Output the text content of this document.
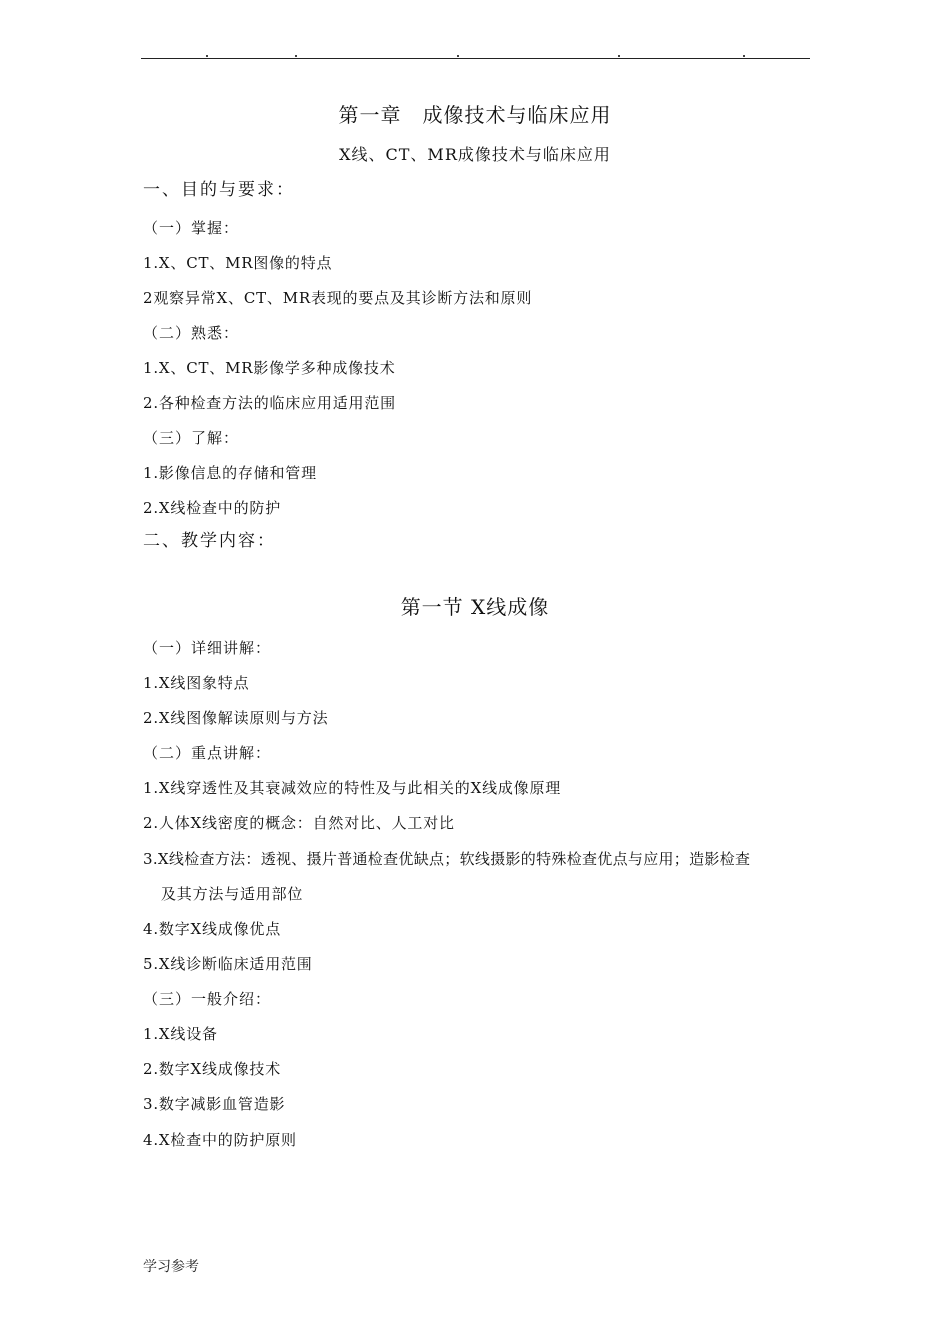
第一章　成像技术与临床应用
X线、CT、MR成像技术与临床应用
一、目的与要求：
（一）掌握：
1.X、CT、MR图像的特点
2观察异常X、CT、MR表现的要点及其诊断方法和原则
（二）熟悉：
1.X、CT、MR影像学多种成像技术
2.各种检查方法的临床应用适用范围
（三）了解：
1.影像信息的存储和管理
2.X线检查中的防护
二、教学内容：
第一节 X线成像
（一）详细讲解：
1.X线图象特点
2.X线图像解读原则与方法
（二）重点讲解：
1.X线穿透性及其衰减效应的特性及与此相关的X线成像原理
2.人体X线密度的概念：自然对比、人工对比
3.X线检查方法：透视、摄片普通检查优缺点；软线摄影的特殊检查优点与应用；造影检查
及其方法与适用部位
4.数字X线成像优点
5.X线诊断临床适用范围
（三）一般介绍：
1.X线设备
2.数字X线成像技术
3.数字减影血管造影
4.X检查中的防护原则
学习参考
